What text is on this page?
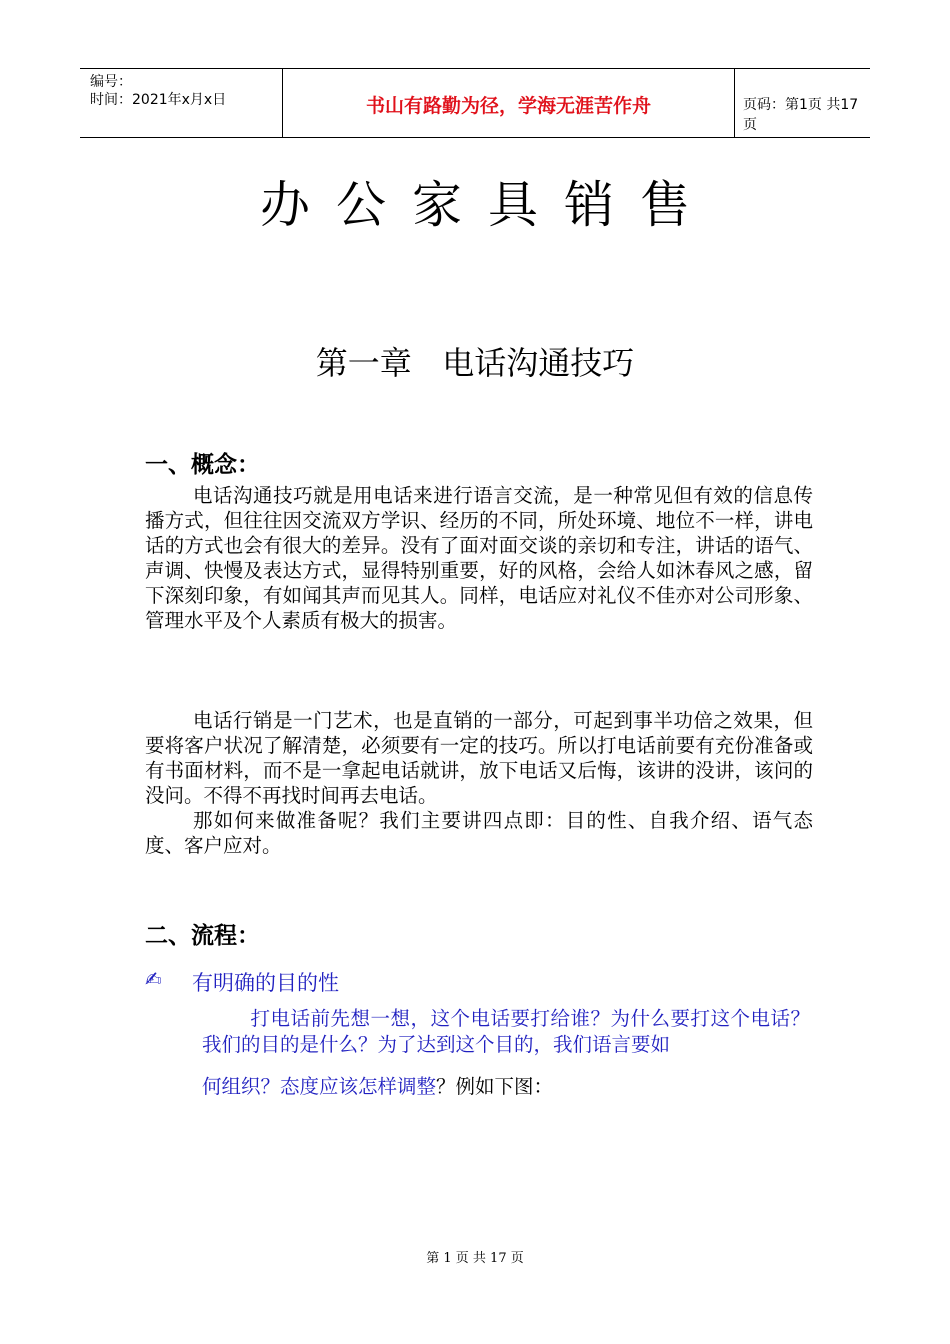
编号：
时间：2021年x月x日	书山有路勤为径，学海无涯苦作舟	页码：第1页 共17页
办公家具销售
第一章   电话沟通技巧
一、概念：

电话沟通技巧就是用电话来进行语言交流，是一种常见但有效的信息传播方式，但往往因交流双方学识、经历的不同，所处环境、地位不一样，讲电话的方式也会有很大的差异。没有了面对面交谈的亲切和专注，讲话的语气、声调、快慢及表达方式，显得特别重要，好的风格，会给人如沐春风之感，留下深刻印象，有如闻其声而见其人。同样，电话应对礼仪不佳亦对公司形象、管理水平及个人素质有极大的损害。

电话行销是一门艺术，也是直销的一部分，可起到事半功倍之效果，但要将客户状况了解清楚，必须要有一定的技巧。所以打电话前要有充份准备或有书面材料，而不是一拿起电话就讲，放下电话又后悔，该讲的没讲，该问的没问。不得不再找时间再去电话。

那如何来做准备呢？我们主要讲四点即：目的性、自我介绍、语气态度、客户应对。

二、流程：
✍ 有明确的目的性
打电话前先想一想，这个电话要打给谁？为什么要打这个电话？我们的目的是什么？为了达到这个目的，我们语言要如
何组织？态度应该怎样调整？例如下图：
第 1 页 共 17 页
